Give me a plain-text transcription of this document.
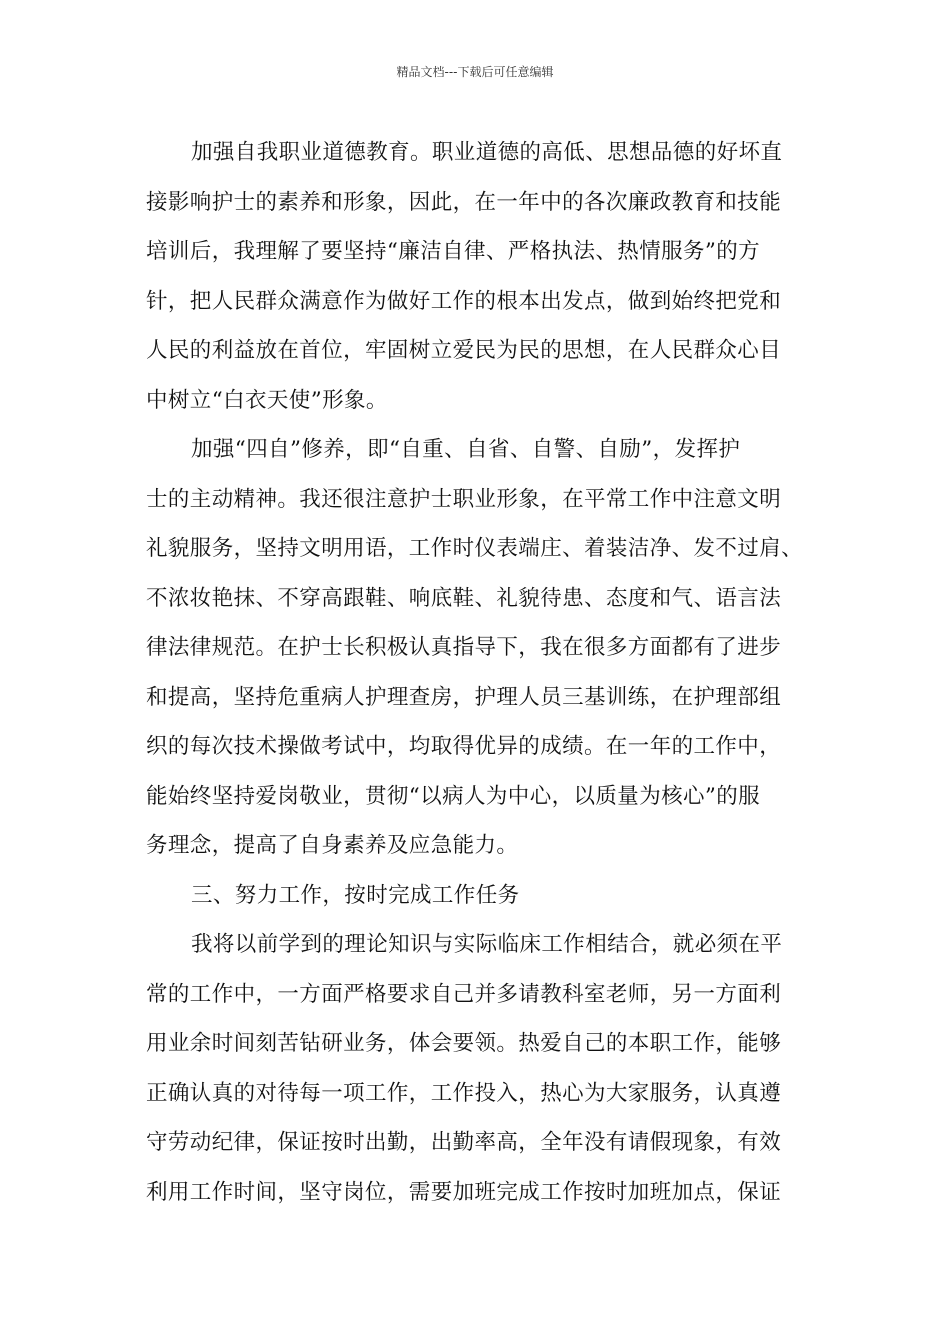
精品文档---下载后可任意编辑
加强自我职业道德教育。职业道德的高低、思想品德的好坏直
接影响护士的素养和形象，因此，在一年中的各次廉政教育和技能
培训后，我理解了要坚持“廉洁自律、严格执法、热情服务”的方
针，把人民群众满意作为做好工作的根本出发点，做到始终把党和
人民的利益放在首位，牢固树立爱民为民的思想，在人民群众心目
中树立“白衣天使”形象。
加强“四自”修养，即“自重、自省、自警、自励”，发挥护
士的主动精神。我还很注意护士职业形象，在平常工作中注意文明
礼貌服务，坚持文明用语，工作时仪表端庄、着装洁净、发不过肩、
不浓妆艳抹、不穿高跟鞋、响底鞋、礼貌待患、态度和气、语言法
律法律规范。在护士长积极认真指导下，我在很多方面都有了进步
和提高，坚持危重病人护理查房，护理人员三基训练，在护理部组
织的每次技术操做考试中，均取得优异的成绩。在一年的工作中，
能始终坚持爱岗敬业，贯彻“以病人为中心，以质量为核心”的服
务理念，提高了自身素养及应急能力。
三、努力工作，按时完成工作任务
我将以前学到的理论知识与实际临床工作相结合，就必须在平
常的工作中，一方面严格要求自己并多请教科室老师，另一方面利
用业余时间刻苦钻研业务，体会要领。热爱自己的本职工作，能够
正确认真的对待每一项工作，工作投入，热心为大家服务，认真遵
守劳动纪律，保证按时出勤，出勤率高，全年没有请假现象，有效
利用工作时间，坚守岗位，需要加班完成工作按时加班加点，保证
